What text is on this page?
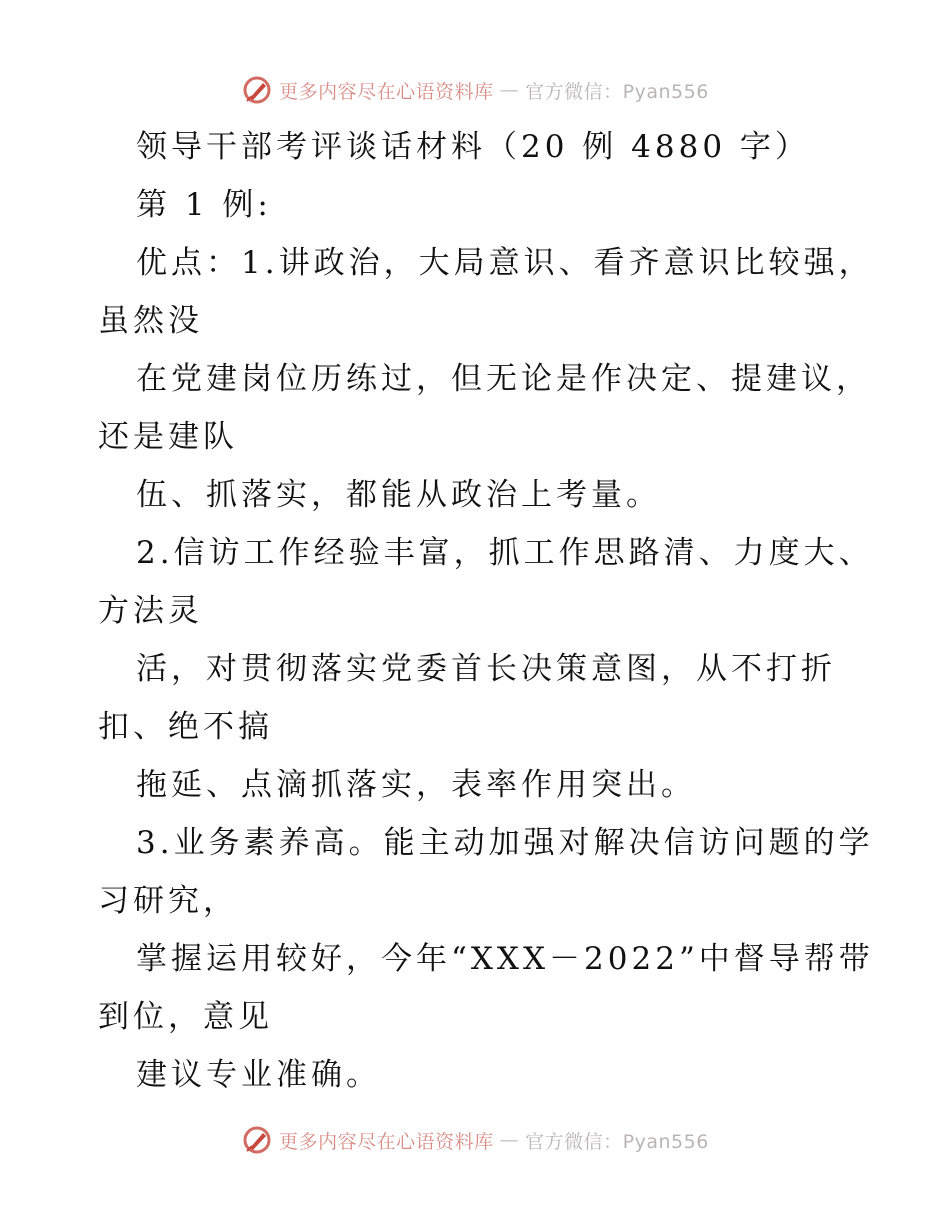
更多内容尽在心语资料库 — 官方微信：Pyan556
领导干部考评谈话材料（20 例 4880 字）
第 1 例:
优点：1.讲政治，大局意识、看齐意识比较强，
虽然没
在党建岗位历练过，但无论是作决定、提建议，
还是建队
伍、抓落实，都能从政治上考量。
2.信访工作经验丰富，抓工作思路清、力度大、
方法灵
活，对贯彻落实党委首长决策意图，从不打折
扣、绝不搞
拖延、点滴抓落实，表率作用突出。
3.业务素养高。能主动加强对解决信访问题的学
习研究，
掌握运用较好，今年“XXX－2022”中督导帮带
到位，意见
建议专业准确。
更多内容尽在心语资料库 — 官方微信：Pyan556
